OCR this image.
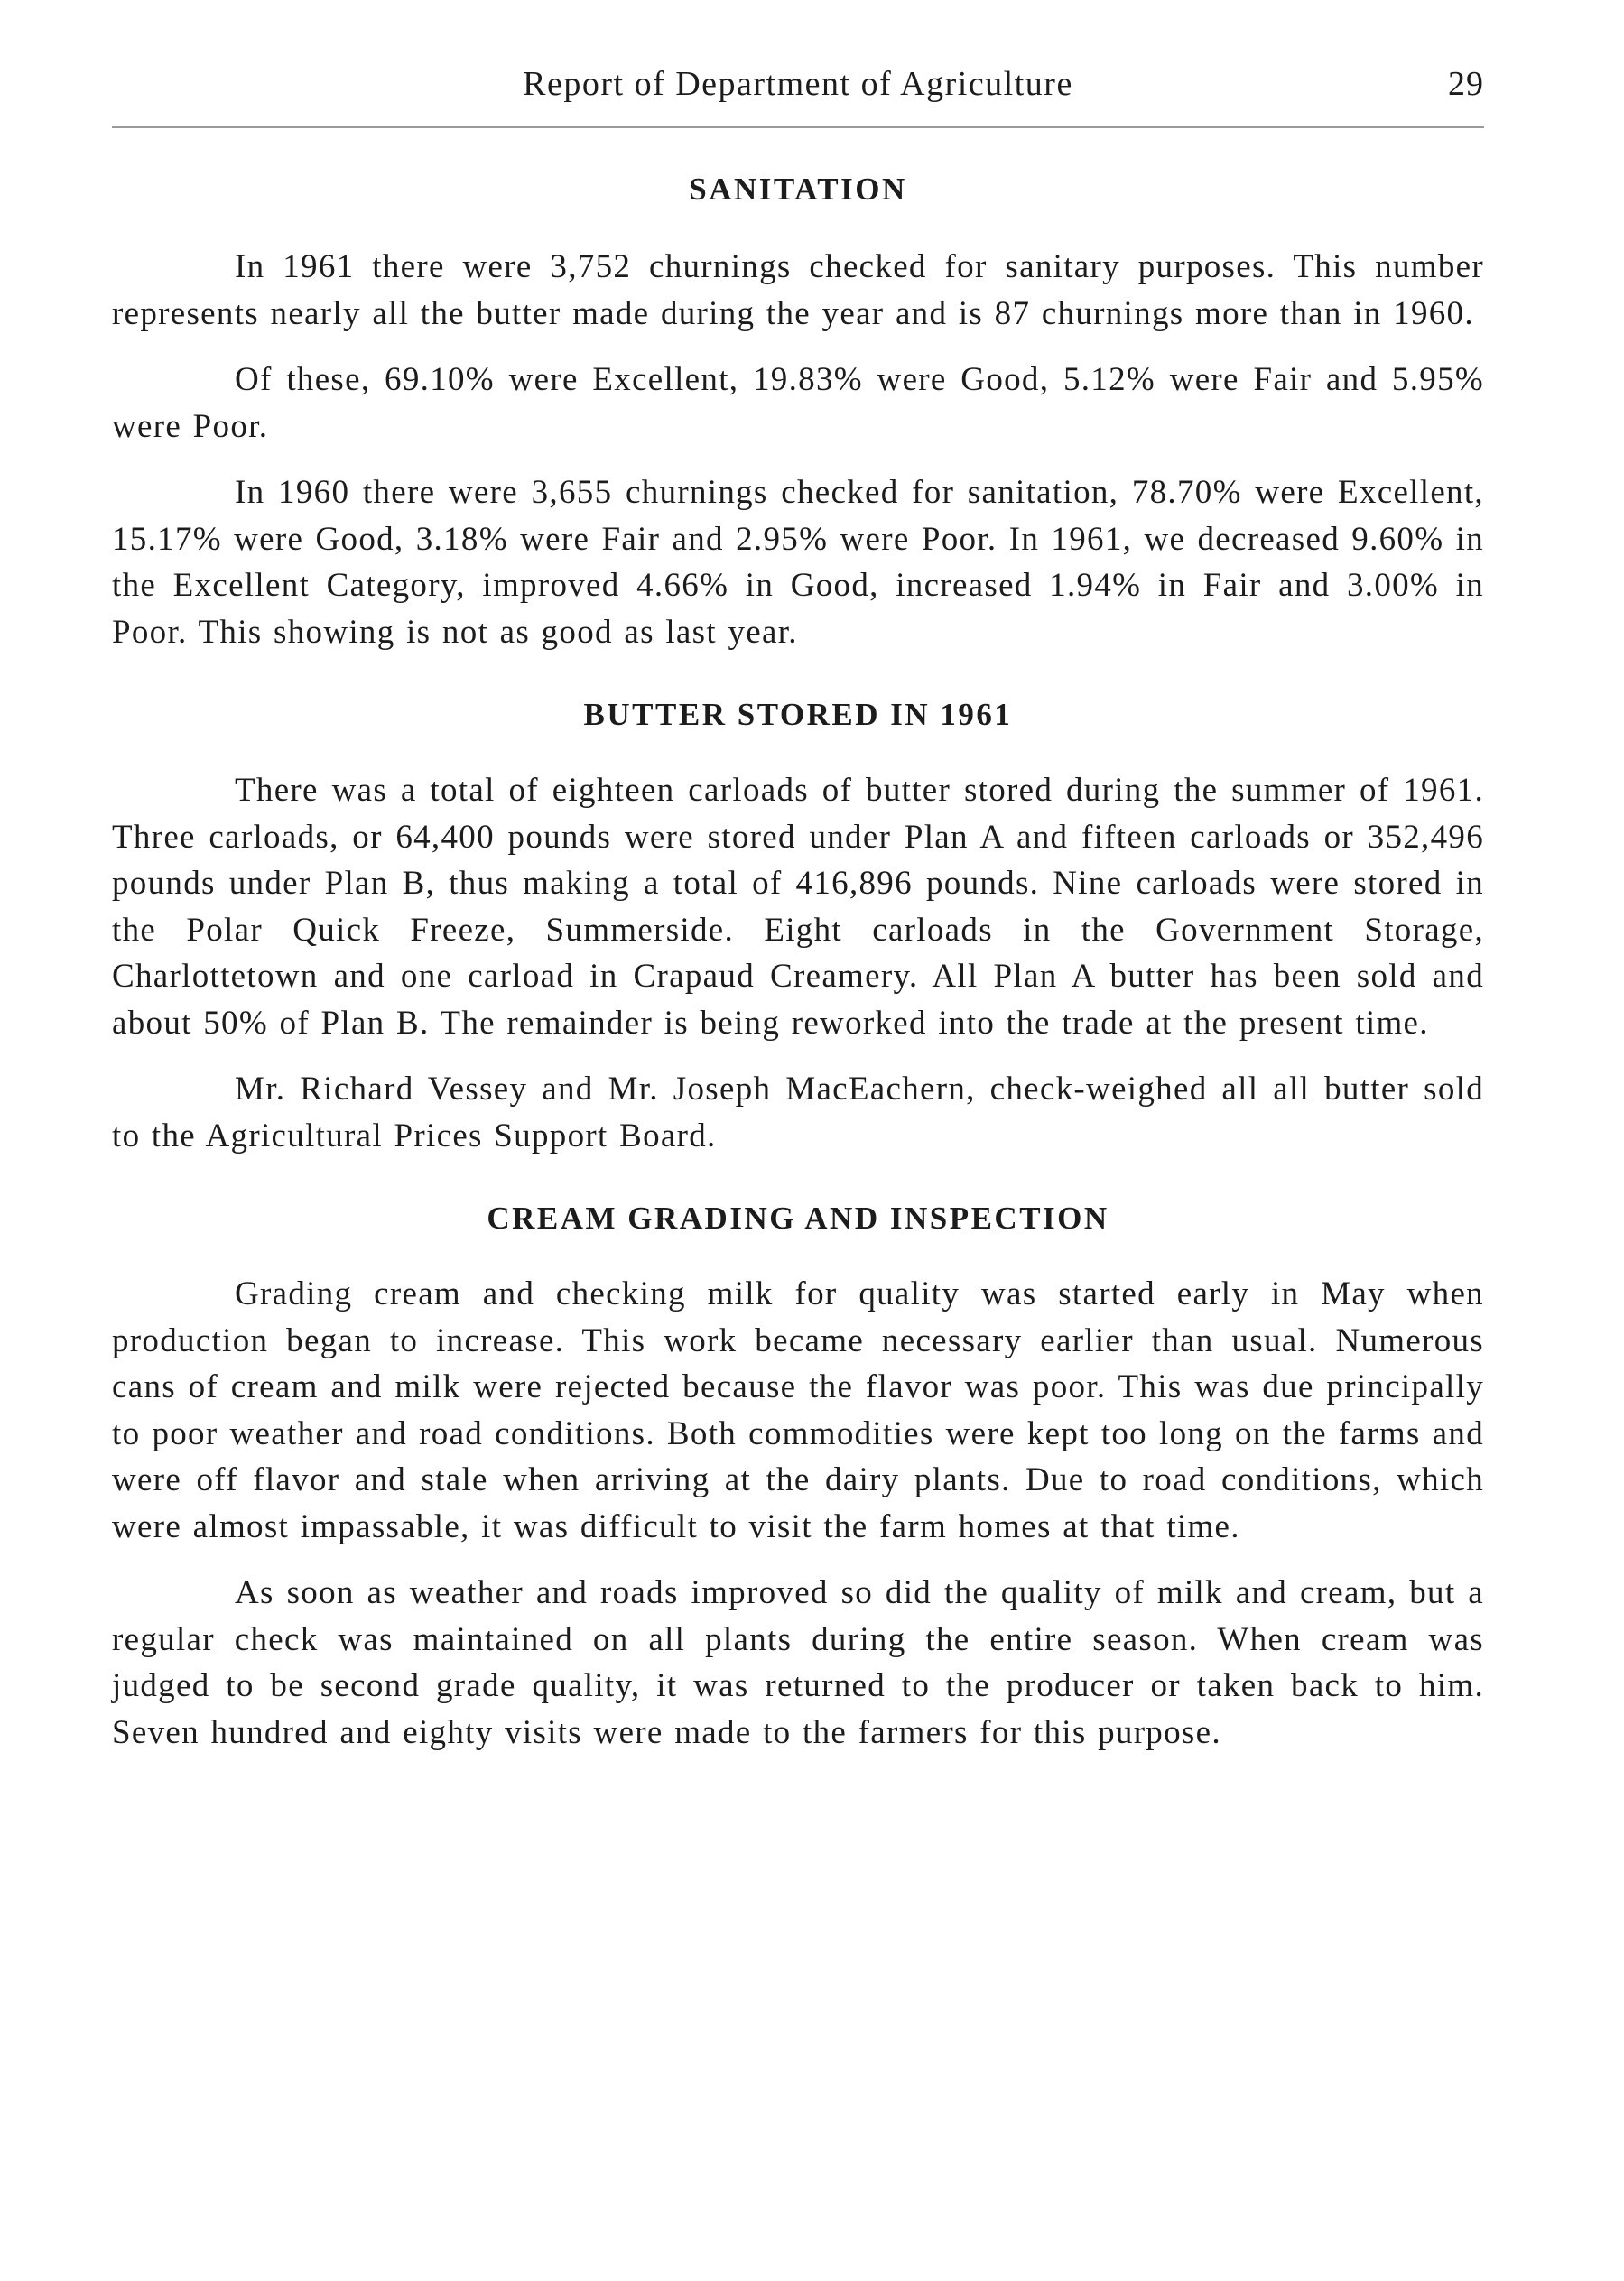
Report of Department of Agriculture	29
SANITATION

In 1961 there were 3,752 churnings checked for sanitary purposes. This number represents nearly all the butter made during the year and is 87 churnings more than in 1960.

Of these, 69.10% were Excellent, 19.83% were Good, 5.12% were Fair and 5.95% were Poor.

In 1960 there were 3,655 churnings checked for sanitation, 78.70% were Excellent, 15.17% were Good, 3.18% were Fair and 2.95% were Poor. In 1961, we decreased 9.60% in the Excellent Category, improved 4.66% in Good, increased 1.94% in Fair and 3.00% in Poor. This showing is not as good as last year.

BUTTER STORED IN 1961

There was a total of eighteen carloads of butter stored during the summer of 1961. Three carloads, or 64,400 pounds were stored under Plan A and fifteen carloads or 352,496 pounds under Plan B, thus making a total of 416,896 pounds. Nine carloads were stored in the Polar Quick Freeze, Summerside. Eight carloads in the Government Storage, Charlottetown and one carload in Crapaud Creamery. All Plan A butter has been sold and about 50% of Plan B. The remainder is being reworked into the trade at the present time.

Mr. Richard Vessey and Mr. Joseph MacEachern, check-weighed all all butter sold to the Agricultural Prices Support Board.

CREAM GRADING AND INSPECTION

Grading cream and checking milk for quality was started early in May when production began to increase. This work became necessary earlier than usual. Numerous cans of cream and milk were rejected because the flavor was poor. This was due principally to poor weather and road conditions. Both commodities were kept too long on the farms and were off flavor and stale when arriving at the dairy plants. Due to road conditions, which were almost impassable, it was difficult to visit the farm homes at that time.

As soon as weather and roads improved so did the quality of milk and cream, but a regular check was maintained on all plants during the entire season. When cream was judged to be second grade quality, it was returned to the producer or taken back to him. Seven hundred and eighty visits were made to the farmers for this purpose.
